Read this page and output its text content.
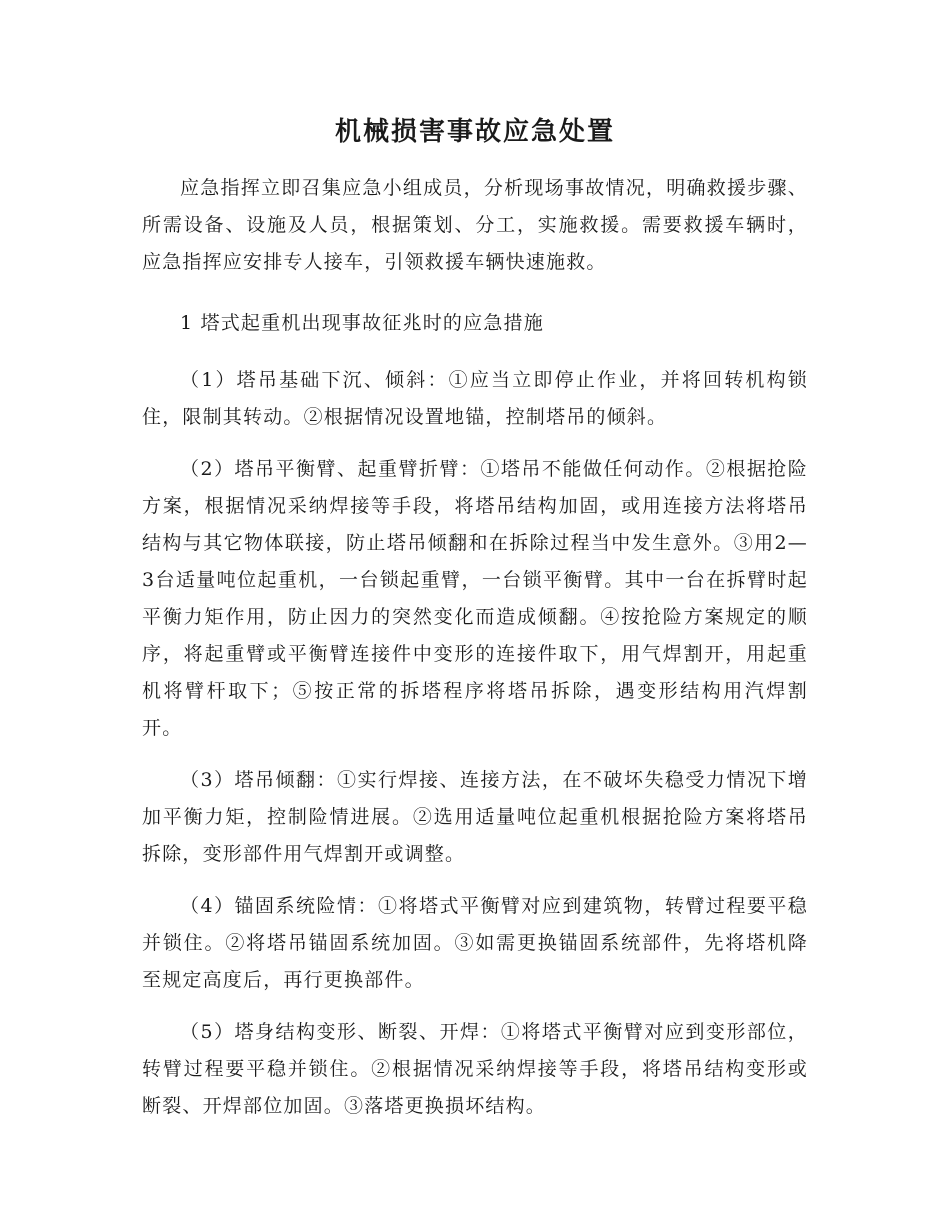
机械损害事故应急处置

应急指挥立即召集应急小组成员，分析现场事故情况，明确救援步骤、所需设备、设施及人员，根据策划、分工，实施救援。需要救援车辆时，应急指挥应安排专人接车，引领救援车辆快速施救。

1 塔式起重机出现事故征兆时的应急措施

（1）塔吊基础下沉、倾斜：①应当立即停止作业，并将回转机构锁住，限制其转动。②根据情况设置地锚，控制塔吊的倾斜。

（2）塔吊平衡臂、起重臂折臂：①塔吊不能做任何动作。②根据抢险方案，根据情况采纳焊接等手段，将塔吊结构加固，或用连接方法将塔吊结构与其它物体联接，防止塔吊倾翻和在拆除过程当中发生意外。③用2—3台适量吨位起重机，一台锁起重臂，一台锁平衡臂。其中一台在拆臂时起平衡力矩作用，防止因力的突然变化而造成倾翻。④按抢险方案规定的顺序，将起重臂或平衡臂连接件中变形的连接件取下，用气焊割开，用起重机将臂杆取下；⑤按正常的拆塔程序将塔吊拆除，遇变形结构用汽焊割开。

（3）塔吊倾翻：①实行焊接、连接方法，在不破坏失稳受力情况下增加平衡力矩，控制险情进展。②选用适量吨位起重机根据抢险方案将塔吊拆除，变形部件用气焊割开或调整。

（4）锚固系统险情：①将塔式平衡臂对应到建筑物，转臂过程要平稳并锁住。②将塔吊锚固系统加固。③如需更换锚固系统部件，先将塔机降至规定高度后，再行更换部件。

（5）塔身结构变形、断裂、开焊：①将塔式平衡臂对应到变形部位，转臂过程要平稳并锁住。②根据情况采纳焊接等手段，将塔吊结构变形或断裂、开焊部位加固。③落塔更换损坏结构。
